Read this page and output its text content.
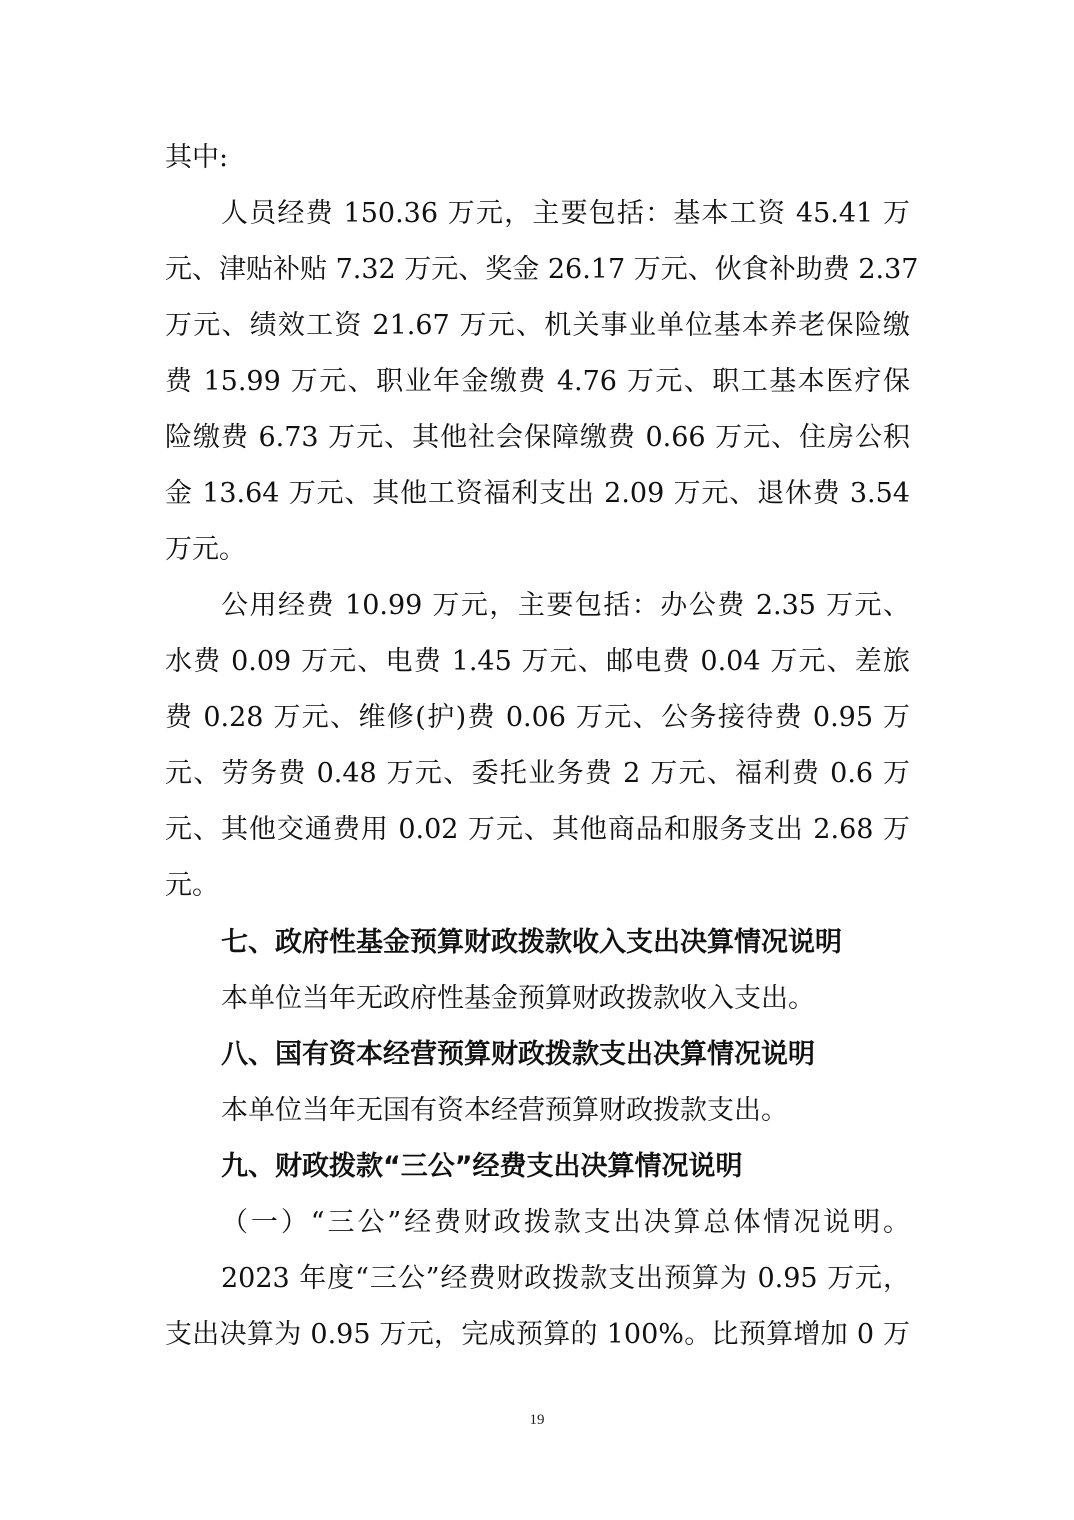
其中:
人员经费 150.36 万元，主要包括：基本工资 45.41 万
元、津贴补贴 7.32 万元、奖金 26.17 万元、伙食补助费 2.37
万元、绩效工资 21.67 万元、机关事业单位基本养老保险缴
费 15.99 万元、职业年金缴费 4.76 万元、职工基本医疗保
险缴费 6.73 万元、其他社会保障缴费 0.66 万元、住房公积
金 13.64 万元、其他工资福利支出 2.09 万元、退休费 3.54
万元。
公用经费 10.99 万元，主要包括：办公费 2.35 万元、
水费 0.09 万元、电费 1.45 万元、邮电费 0.04 万元、差旅
费 0.28 万元、维修(护)费 0.06 万元、公务接待费 0.95 万
元、劳务费 0.48 万元、委托业务费 2 万元、福利费 0.6 万
元、其他交通费用 0.02 万元、其他商品和服务支出 2.68 万
元。
七、政府性基金预算财政拨款收入支出决算情况说明
本单位当年无政府性基金预算财政拨款收入支出。
八、国有资本经营预算财政拨款支出决算情况说明
本单位当年无国有资本经营预算财政拨款支出。
九、财政拨款“三公”经费支出决算情况说明
（一）“三公”经费财政拨款支出决算总体情况说明。
2023 年度“三公”经费财政拨款支出预算为 0.95 万元，
支出决算为 0.95 万元，完成预算的 100%。比预算增加 0 万
19
